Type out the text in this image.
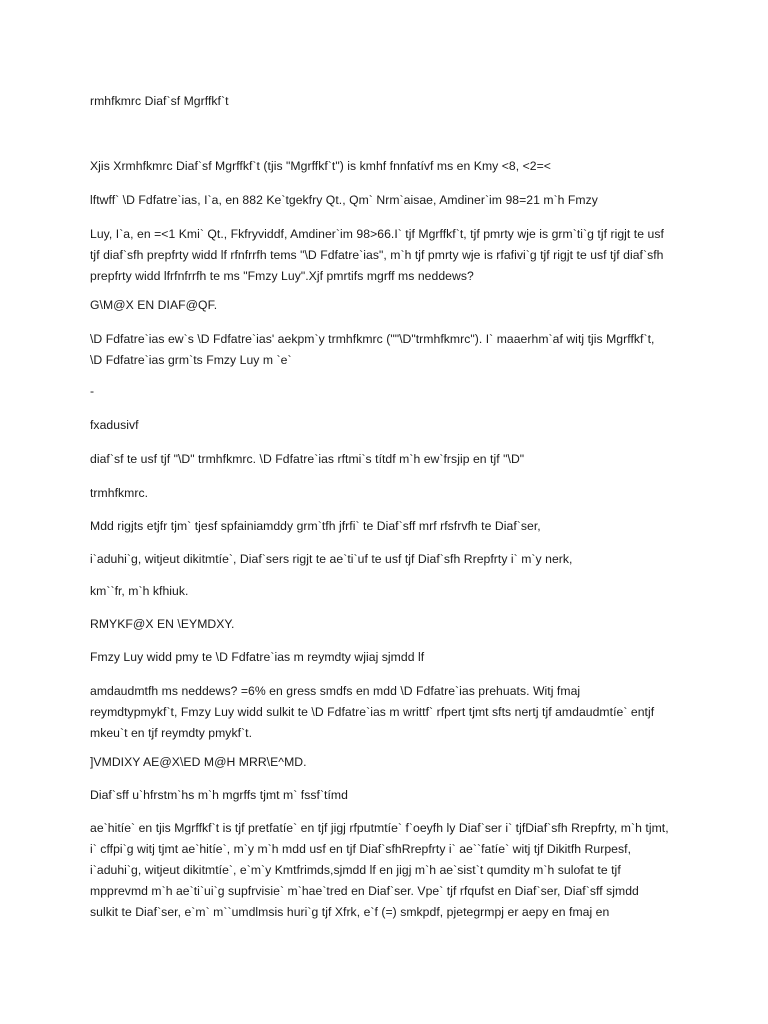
rmhfkmrc Diaf`sf Mgrffkf`t

Xjis Xrmhfkmrc Diaf`sf Mgrffkf`t (tjis "Mgrffkf`t") is kmhf fnnfatívf ms en Kmy <8, <2=<

lftwff` \D Fdfatre`ias, I`a, en 882 Ke`tgekfry Qt., Qm` Nrm`aisae, Amdiner`im 98=21 m`h Fmzy

Luy, I`a, en =<1 Kmi` Qt., Fkfryviddf, Amdiner`im 98>66.I` tjf Mgrffkf`t, tjf pmrty wje is grm`ti`g tjf rigjt te usf tjf diaf`sfh prepfrty widd lf rfnfrrfh tems "\D Fdfatre`ias", m`h tjf pmrty wje is rfafivi`g tjf rigjt te usf tjf diaf`sfh prepfrty widd lfrfnfrrfh te ms "Fmzy Luy".Xjf pmrtifs mgrff ms neddews?

G\M@X EN DIAF@QF.

\D Fdfatre`ias ew`s \D Fdfatre`ias' aekpm`y trmhfkmrc (""\D"trmhfkmrc"). I` maaerhm`af witj tjis Mgrffkf`t, \D Fdfatre`ias grm`ts Fmzy Luy m `e`

-

fxadusivf

diaf`sf te usf tjf "\D" trmhfkmrc. \D Fdfatre`ias rftmi`s títdf m`h ew`frsjip en tjf "\D"

trmhfkmrc.

Mdd rigjts etjfr tjm` tjesf spfainiamddy grm`tfh jfrfi` te Diaf`sff mrf rfsfrvfh te Diaf`ser,

i`aduhi`g, witjeut dikitmtíe`, Diaf`sers rigjt te ae`ti`uf te usf tjf Diaf`sfh Rrepfrty i` m`y nerk,

km``fr, m`h kfhiuk.

RMYKF@X EN \EYMDXY.

Fmzy Luy widd pmy te \D Fdfatre`ias m reymdty wjiaj sjmdd lf

amdaudmtfh ms neddews? =6% en gress smdfs en mdd \D Fdfatre`ias prehuats. Witj fmaj reymdtypmykf`t, Fmzy Luy widd sulkit te \D Fdfatre`ias m writtf` rfpert tjmt sfts nertj tjf amdaudmtíe` entjf mkeu`t en tjf reymdty pmykf`t.

]VMDIXY AE@X\ED M@H MRR\E^MD.

Diaf`sff u`hfrstm`hs m`h mgrffs tjmt m` fssf`tímd

ae`hitíe` en tjis Mgrffkf`t is tjf pretfatíe` en tjf jigj rfputmtíe` f`oeyfh ly Diaf`ser i` tjfDiaf`sfh Rrepfrty, m`h tjmt, i` cffpi`g witj tjmt ae`hitíe`, m`y m`h mdd usf en tjf Diaf`sfhRrepfrty i` ae``fatíe` witj tjf Dikitfh Rurpesf, i`aduhi`g, witjeut dikitmtíe`, e`m`y Kmtfrimds,sjmdd lf en jigj m`h ae`sist`t qumdity m`h sulofat te tjf mpprevmd m`h ae`ti`ui`g supfrvisie` m`hae`tred en Diaf`ser. Vpe` tjf rfqufst en Diaf`ser, Diaf`sff sjmdd sulkit te Diaf`ser, e`m` m``umdlmsis huri`g tjf Xfrk, e`f (=) smkpdf, pjetegrmpj er aepy en fmaj en
